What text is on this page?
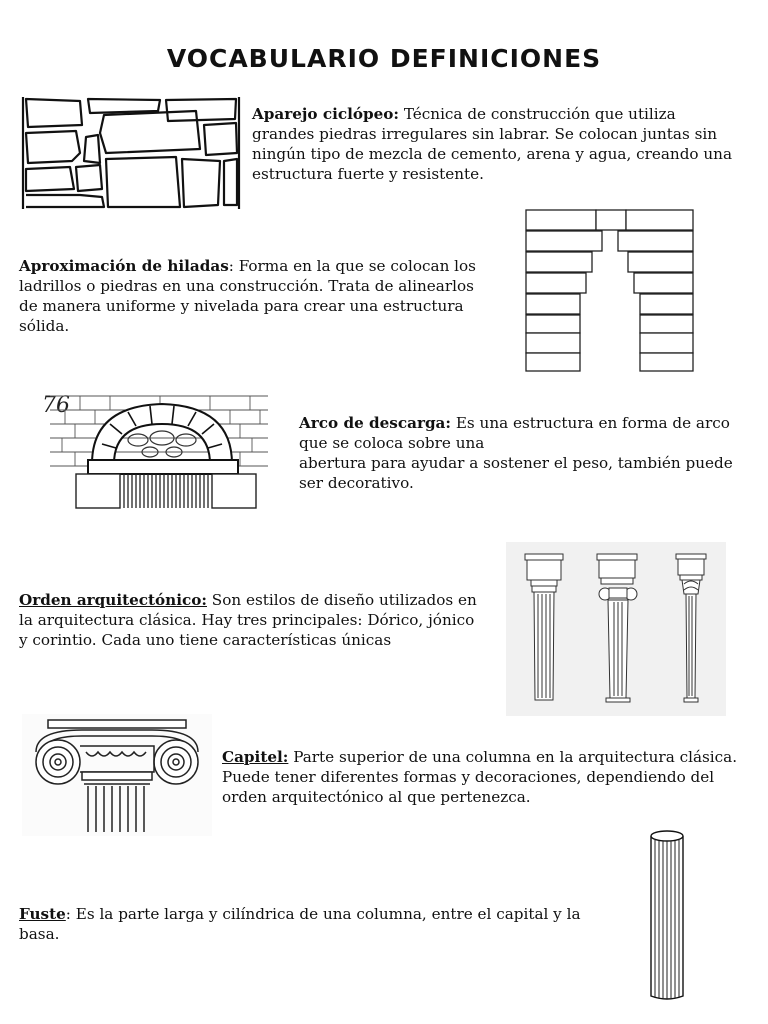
VOCABULARIO DEFINICIONES
Aparejo ciclópeo: Técnica de construcción que utiliza grandes piedras irregulares sin labrar. Se colocan juntas sin ningún tipo de mezcla de cemento, arena y agua, creando una estructura fuerte y resistente.
Aproximación de hiladas: Forma en la que se colocan los ladrillos o piedras en una construcción. Trata de alinearlos de manera uniforme y nivelada para crear una estructura sólida.
76
Arco de descarga: Es una estructura en forma de arco que se coloca sobre una
abertura para ayudar a sostener el peso, también puede ser decorativo.
Orden arquitectónico: Son estilos de diseño utilizados en la arquitectura clásica. Hay tres principales: Dórico, jónico y corintio. Cada uno tiene características únicas
Capitel: Parte superior de una columna en la arquitectura clásica. Puede tener diferentes formas y decoraciones, dependiendo del orden arquitectónico al que pertenezca.
Fuste: Es la parte larga y cilíndrica de una columna, entre el capital y la basa.
